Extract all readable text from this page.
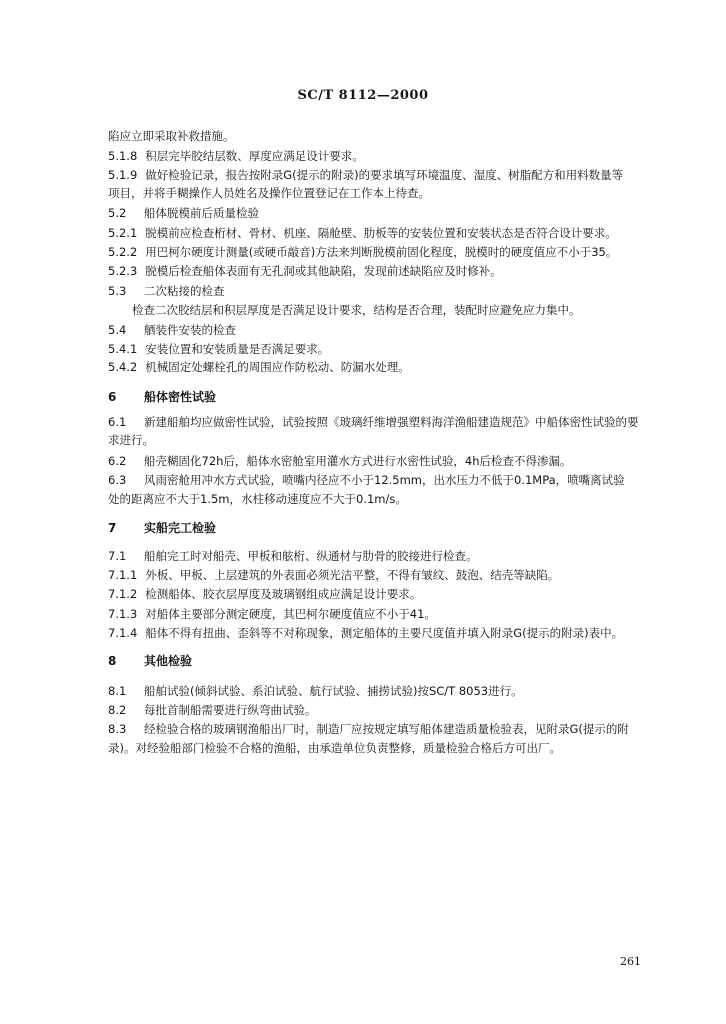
SC/T 8112—2000
陷应立即采取补救措施。
5.1.8 积层完毕胶结层数、厚度应满足设计要求。
5.1.9 做好检验记录，报告按附录G(提示的附录)的要求填写环境温度、湿度、树脂配方和用料数量等
项目，并将手糊操作人员姓名及操作位置登记在工作本上待查。
5.2 船体脱模前后质量检验
5.2.1 脱模前应检查桁材、骨材、机座、隔舱壁、肋板等的安装位置和安装状态是否符合设计要求。
5.2.2 用巴柯尔硬度计测量(或硬币敲音)方法来判断脱模前固化程度，脱模时的硬度值应不小于35。
5.2.3 脱模后检查船体表面有无孔洞或其他缺陷，发现前述缺陷应及时修补。
5.3 二次粘接的检查
检查二次胶结层和积层厚度是否满足设计要求，结构是否合理，装配时应避免应力集中。
5.4 舾装件安装的检查
5.4.1 安装位置和安装质量是否满足要求。
5.4.2 机械固定处螺栓孔的周围应作防松动、防漏水处理。
6 船体密性试验
6.1 新建船舶均应做密性试验，试验按照《玻璃纤维增强塑料海洋渔船建造规范》中船体密性试验的要
求进行。
6.2 船壳糊固化72h后，船体水密舱室用灌水方式进行水密性试验，4h后检查不得渗漏。
6.3 风雨密舱用冲水方式试验，喷嘴内径应不小于12.5mm，出水压力不低于0.1MPa，喷嘴离试验
处的距离应不大于1.5m，水柱移动速度应不大于0.1m/s。
7 实船完工检验
7.1 船舶完工时对船壳、甲板和舷桁、纵通材与肋骨的胶接进行检查。
7.1.1 外板、甲板、上层建筑的外表面必须光洁平整，不得有皱纹、鼓泡、结壳等缺陷。
7.1.2 检测船体、胶衣层厚度及玻璃钢组成应满足设计要求。
7.1.3 对船体主要部分测定硬度，其巴柯尔硬度值应不小于41。
7.1.4 船体不得有扭曲、歪斜等不对称现象，测定船体的主要尺度值并填入附录G(提示的附录)表中。
8 其他检验
8.1 船舶试验(倾斜试验、系泊试验、航行试验、捕捞试验)按SC/T 8053进行。
8.2 每批首制船需要进行纵弯曲试验。
8.3 经检验合格的玻璃钢渔船出厂时，制造厂应按规定填写船体建造质量检验表，见附录G(提示的附
录)。对经验船部门检验不合格的渔船，由承造单位负责整修，质量检验合格后方可出厂。
261
